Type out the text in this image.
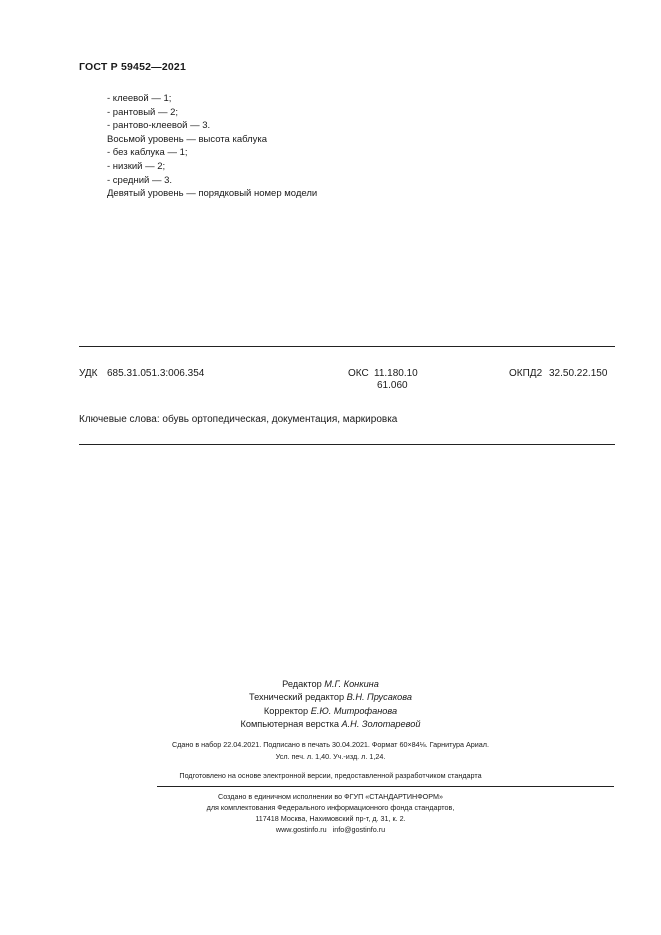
ГОСТ Р 59452—2021
- клеевой — 1;
- рантовый — 2;
- рантово-клеевой — 3.
Восьмой уровень — высота каблука
- без каблука — 1;
- низкий — 2;
- средний — 3.
Девятый уровень — порядковый номер модели
УДК 685.31.051.3:006.354	ОКС 11.180.10
61.060
ОКПД2 32.50.22.150
Ключевые слова: обувь ортопедическая, документация, маркировка
Редактор М.Г. Конкина
Технический редактор В.Н. Прусакова
Корректор Е.Ю. Митрофанова
Компьютерная верстка А.Н. Золотаревой
Сдано в набор 22.04.2021. Подписано в печать 30.04.2021. Формат 60×84⅛. Гарнитура Ариал.
Усл. печ. л. 1,40. Уч.-изд. л. 1,24.
Подготовлено на основе электронной версии, предоставленной разработчиком стандарта
Создано в единичном исполнении во ФГУП «СТАНДАРТИНФОРМ»
для комплектования Федерального информационного фонда стандартов,
117418 Москва, Нахимовский пр-т, д. 31, к. 2.
www.gostinfo.ru info@gostinfo.ru
